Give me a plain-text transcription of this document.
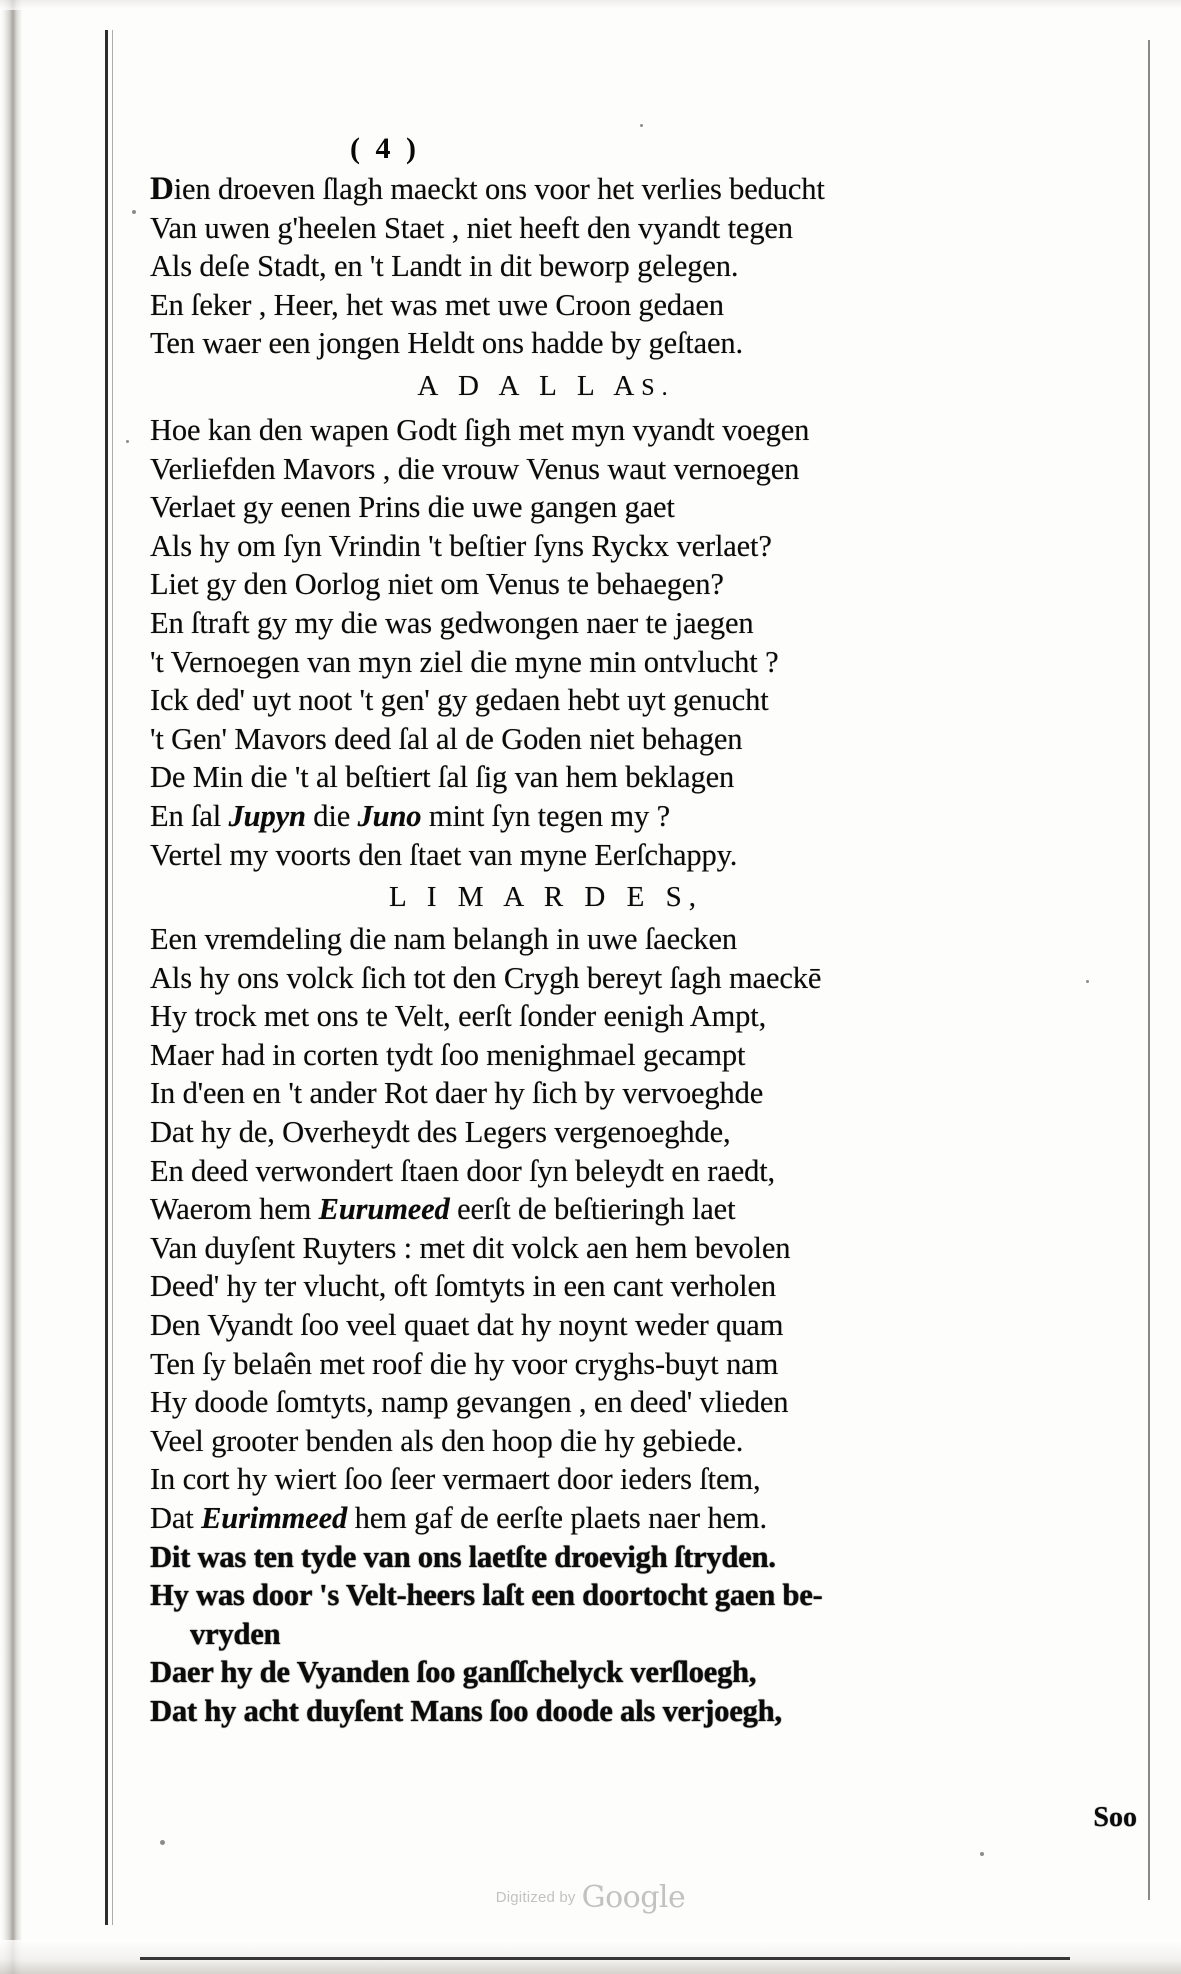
( 4 )
Dien droeven ſlagh maeckt ons voor het verlies beducht
Van uwen g'heelen Staet , niet heeft den vyandt tegen
Als deſe Stadt, en 't Landt in dit beworp gelegen.
En ſeker , Heer, het was met uwe Croon gedaen
Ten waer een jongen Heldt ons hadde by geſtaen.
A D A L L AS.
Hoe kan den wapen Godt ſigh met myn vyandt voegen
Verliefden Mavors , die vrouw Venus waut vernoegen
Verlaet gy eenen Prins die uwe gangen gaet
Als hy om ſyn Vrindin 't beſtier ſyns Ryckx verlaet?
Liet gy den Oorlog niet om Venus te behaegen?
En ſtraft gy my die was gedwongen naer te jaegen
't Vernoegen van myn ziel die myne min ontvlucht ?
Ick ded' uyt noot 't gen' gy gedaen hebt uyt genucht
't Gen' Mavors deed ſal al de Goden niet behagen
De Min die 't al beſtiert ſal ſig van hem beklagen
En ſal Jupyn die Juno mint ſyn tegen my ?
Vertel my voorts den ſtaet van myne Eerſchappy.
L I M A R D E S,
Een vremdeling die nam belangh in uwe ſaecken
Als hy ons volck ſich tot den Crygh bereyt ſagh maeckē
Hy trock met ons te Velt, eerſt ſonder eenigh Ampt,
Maer had in corten tydt ſoo menighmael gecampt
In d'een en 't ander Rot daer hy ſich by vervoeghde
Dat hy de, Overheydt des Legers vergenoeghde,
En deed verwondert ſtaen door ſyn beleydt en raedt,
Waerom hem Eurumeed eerſt de beſtieringh laet
Van duyſent Ruyters : met dit volck aen hem bevolen
Deed' hy ter vlucht, oft ſomtyts in een cant verholen
Den Vyandt ſoo veel quaet dat hy noynt weder quam
Ten ſy belaên met roof die hy voor cryghs-buyt nam
Hy doode ſomtyts, namp gevangen , en deed' vlieden
Veel grooter benden als den hoop die hy gebiede.
In cort hy wiert ſoo ſeer vermaert door ieders ſtem,
Dat Eurimmeed hem gaf de eerſte plaets naer hem.
Dit was ten tyde van ons laetſte droevigh ſtryden.
Hy was door 's Velt-heers laſt een doortocht gaen be-
vryden
Daer hy de Vyanden ſoo ganſſchelyck verſloegh,
Dat hy acht duyſent Mans ſoo doode als verjoegh,
Soo
Digitized by Google
